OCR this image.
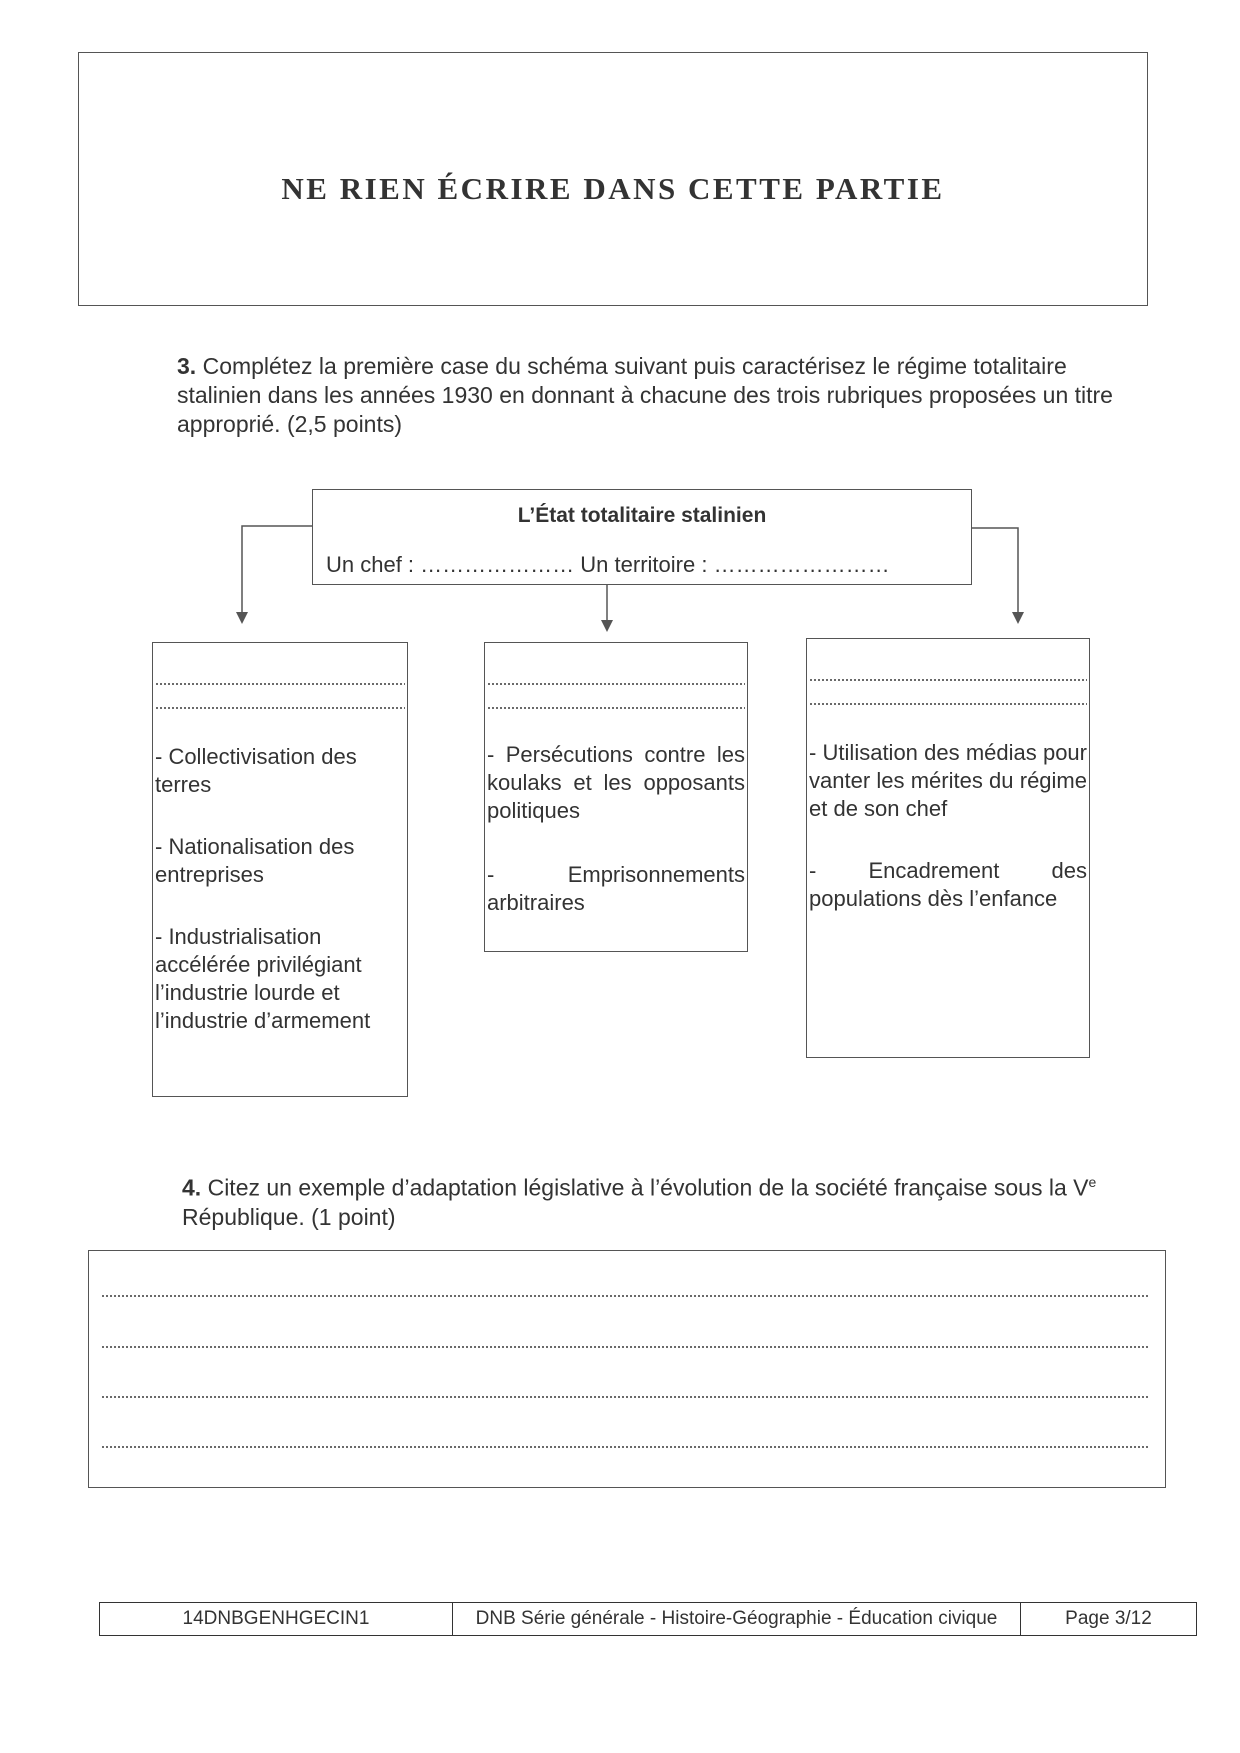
NE RIEN ÉCRIRE DANS CETTE PARTIE
3. Complétez la première case du schéma suivant puis caractérisez le régime totalitaire stalinien dans les années 1930 en donnant à chacune des trois rubriques proposées un titre approprié. (2,5 points)
L’État totalitaire stalinien
Un chef : ………………… Un territoire : ……………………
- Collectivisation des terres
- Nationalisation des entreprises
- Industrialisation accélérée privilégiant l’industrie lourde et l’industrie d’armement
- Persécutions contre les koulaks et les opposants politiques
- Emprisonnements arbitraires
- Utilisation des médias pour vanter les mérites du régime et de son chef
- Encadrement des populations dès l’enfance
4. Citez un exemple d’adaptation législative à l’évolution de la société française sous la Ve République. (1 point)
14DNBGENHGECIN1	DNB Série générale - Histoire-Géographie - Éducation civique	Page 3/12
